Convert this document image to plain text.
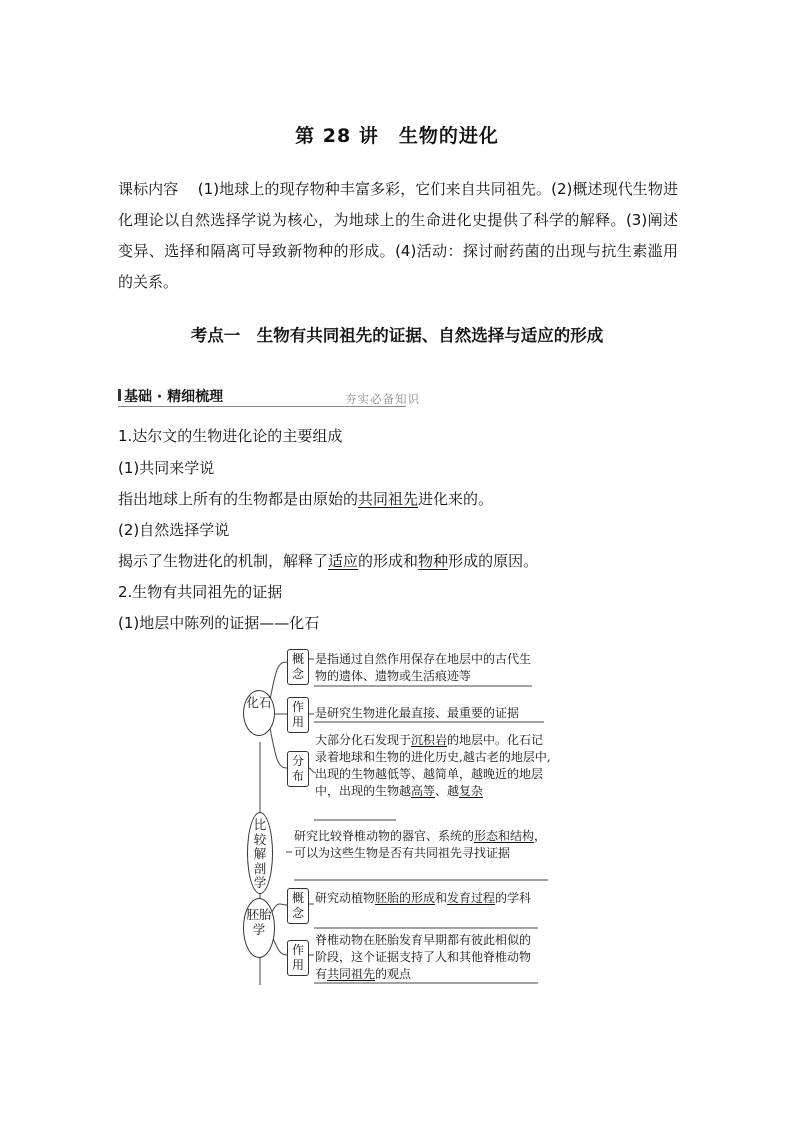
第 28 讲　生物的进化
课标内容 (1)地球上的现存物种丰富多彩，它们来自共同祖先。(2)概述现代生物进化理论以自然选择学说为核心，为地球上的生命进化史提供了科学的解释。(3)阐述变异、选择和隔离可导致新物种的形成。(4)活动：探讨耐药菌的出现与抗生素滥用的关系。
考点一　生物有共同祖先的证据、自然选择与适应的形成
基础 · 精细梳理	夯实必备知识
1.达尔文的生物进化论的主要组成
(1)共同来学说
指出地球上所有的生物都是由原始的共同祖先进化来的。
(2)自然选择学说
揭示了生物进化的机制，解释了适应的形成和物种形成的原因。
2.生物有共同祖先的证据
(1)地层中陈列的证据——化石
化石
比较解剖学
胚胎学
概念
作用
分布
概念
作用
是指通过自然作用保存在地层中的古代生物的遗体、遗物或生活痕迹等
是研究生物进化最直接、最重要的证据
大部分化石发现于沉积岩的地层中。化石记录着地球和生物的进化历史,越古老的地层中,出现的生物越低等、越简单，越晚近的地层中，出现的生物越高等、越复杂
研究比较脊椎动物的器官、系统的形态和结构，可以为这些生物是否有共同祖先寻找证据
研究动植物胚胎的形成和发育过程的学科
脊椎动物在胚胎发育早期都有彼此相似的阶段，这个证据支持了人和其他脊椎动物有共同祖先的观点
